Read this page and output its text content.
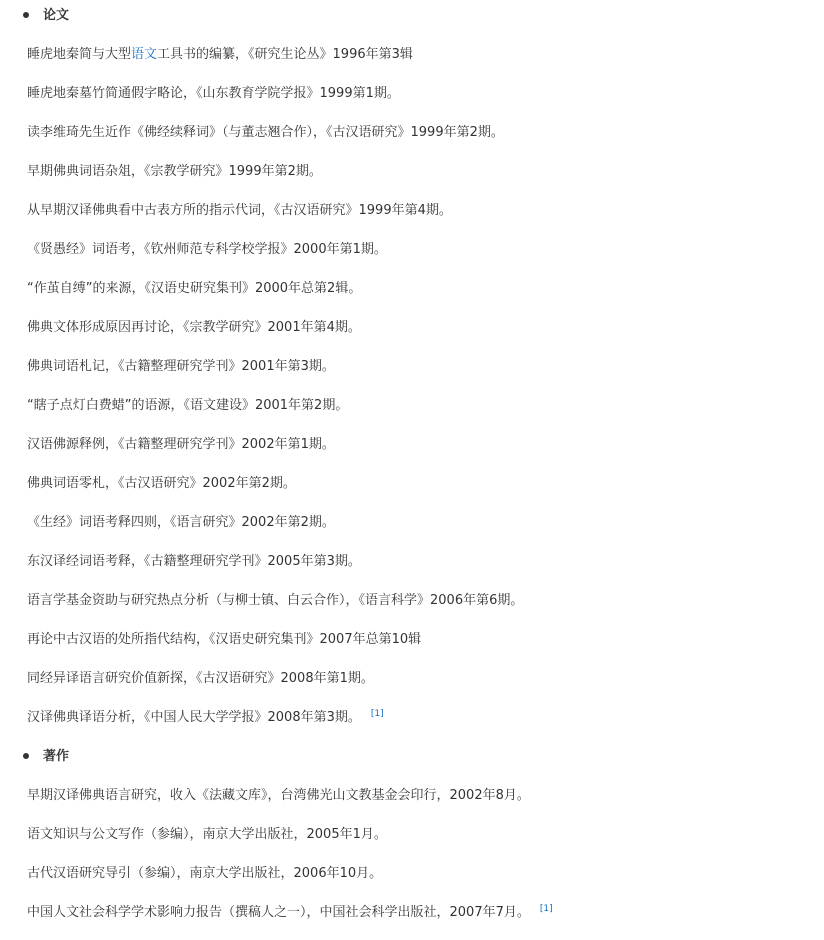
论文
睡虎地秦简与大型语文工具书的编纂，《研究生论丛》1996年第3辑
睡虎地秦墓竹简通假字略论，《山东教育学院学报》1999第1期。
读李维琦先生近作《佛经续释词》（与董志翘合作），《古汉语研究》1999年第2期。
早期佛典词语杂俎，《宗教学研究》1999年第2期。
从早期汉译佛典看中古表方所的指示代词，《古汉语研究》1999年第4期。
《贤愚经》词语考，《钦州师范专科学校学报》2000年第1期。
“作茧自缚”的来源，《汉语史研究集刊》2000年总第2辑。
佛典文体形成原因再讨论，《宗教学研究》2001年第4期。
佛典词语札记，《古籍整理研究学刊》2001年第3期。
“瞎子点灯白费蜡”的语源，《语文建设》2001年第2期。
汉语佛源释例，《古籍整理研究学刊》2002年第1期。
佛典词语零札，《古汉语研究》2002年第2期。
《生经》词语考释四则，《语言研究》2002年第2期。
东汉译经词语考释，《古籍整理研究学刊》2005年第3期。
语言学基金资助与研究热点分析（与柳士镇、白云合作），《语言科学》2006年第6期。
再论中古汉语的处所指代结构，《汉语史研究集刊》2007年总第10辑
同经异译语言研究价值新探，《古汉语研究》2008年第1期。
汉译佛典译语分析，《中国人民大学学报》2008年第3期。 [1]
著作
早期汉译佛典语言研究，收入《法藏文库》，台湾佛光山文教基金会印行，2002年8月。
语文知识与公文写作（参编），南京大学出版社，2005年1月。
古代汉语研究导引（参编），南京大学出版社，2006年10月。
中国人文社会科学学术影响力报告（撰稿人之一），中国社会科学出版社，2007年7月。 [1]
